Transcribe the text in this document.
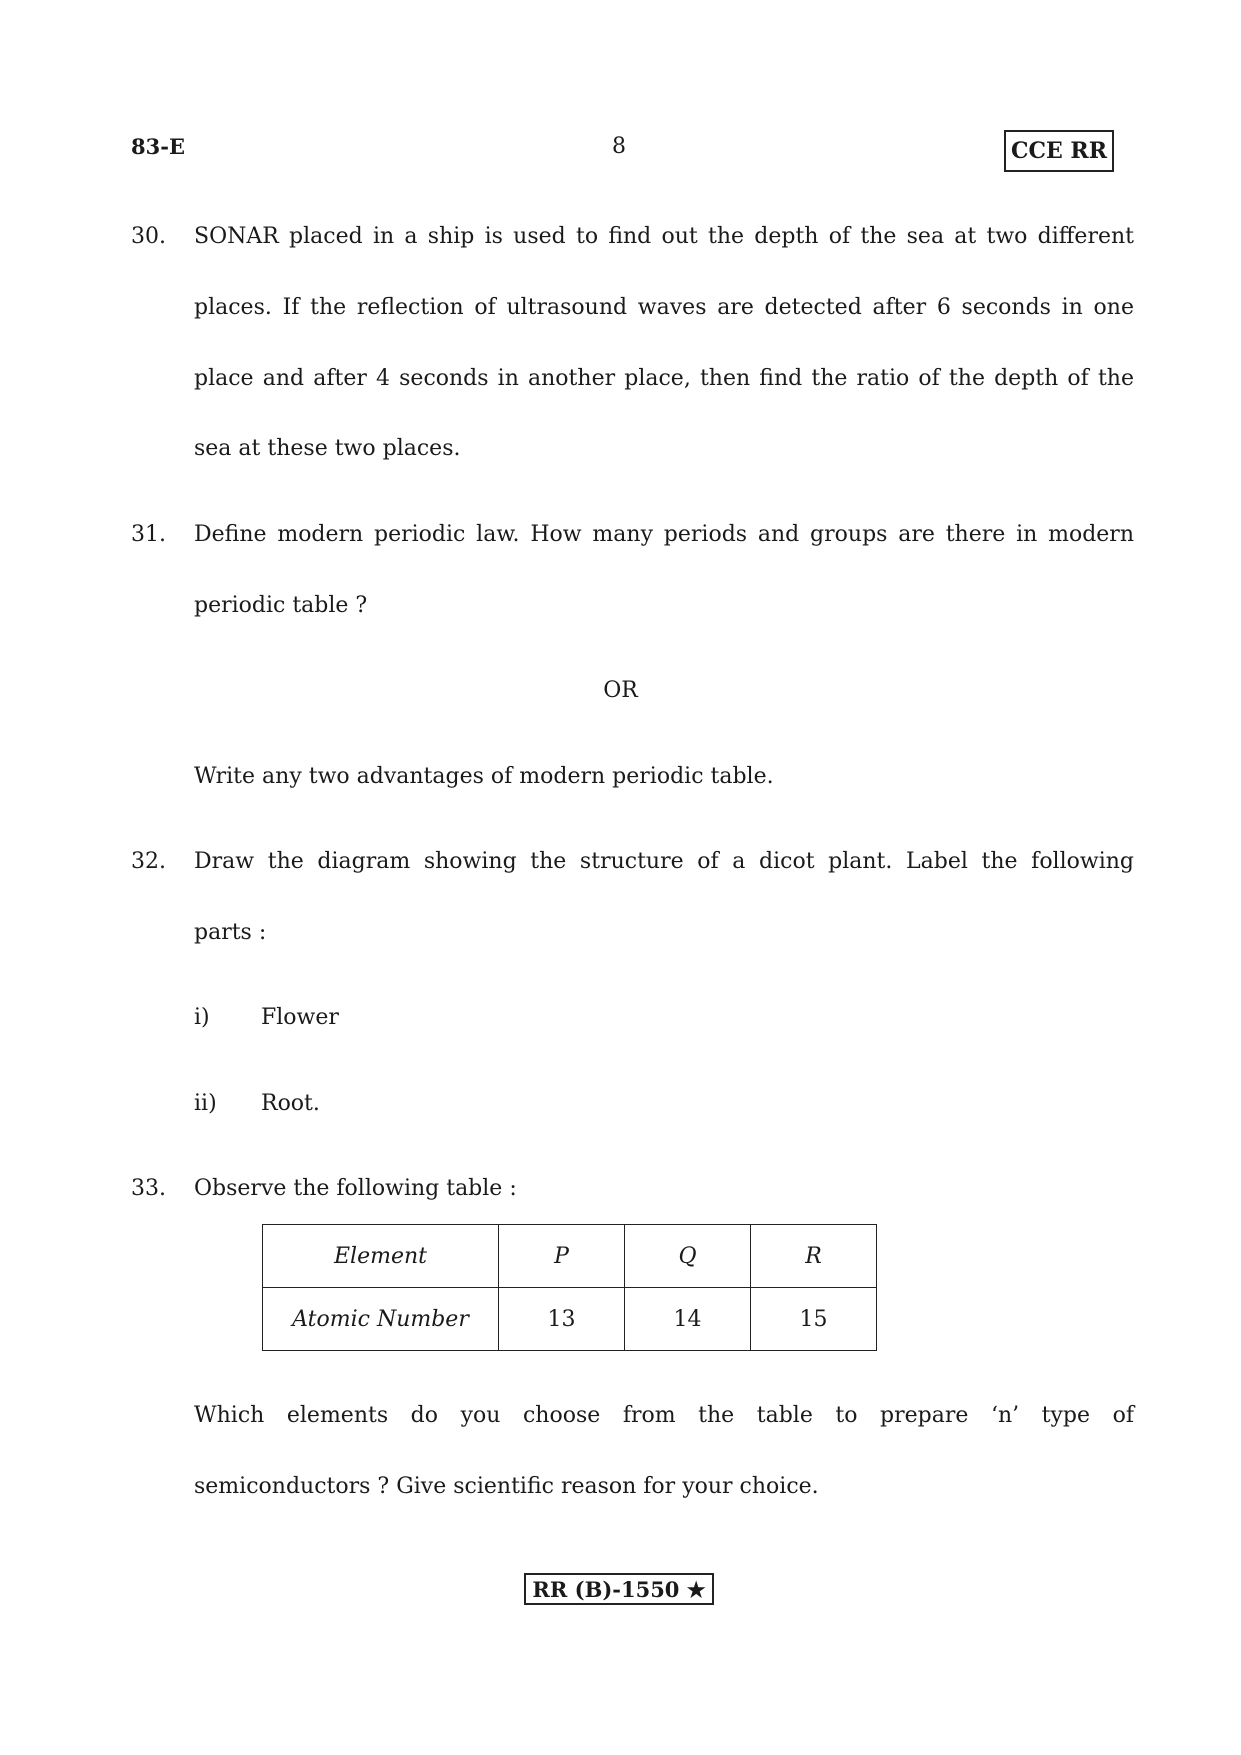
83-E	8	CCE RR
30. SONAR placed in a ship is used to find out the depth of the sea at two different
places. If the reflection of ultrasound waves are detected after 6 seconds in one
place and after 4 seconds in another place, then find the ratio of the depth of the
sea at these two places.
31. Define modern periodic law. How many periods and groups are there in modern
periodic table ?
OR
Write any two advantages of modern periodic table.
32. Draw the diagram showing the structure of a dicot plant. Label the following
parts :
i) Flower
ii) Root.
33. Observe the following table :
Element	P	Q	R
Atomic Number	13	14	15
Which elements do you choose from the table to prepare ‘n’ type of
semiconductors ? Give scientific reason for your choice.
RR (B)-1550 ★
